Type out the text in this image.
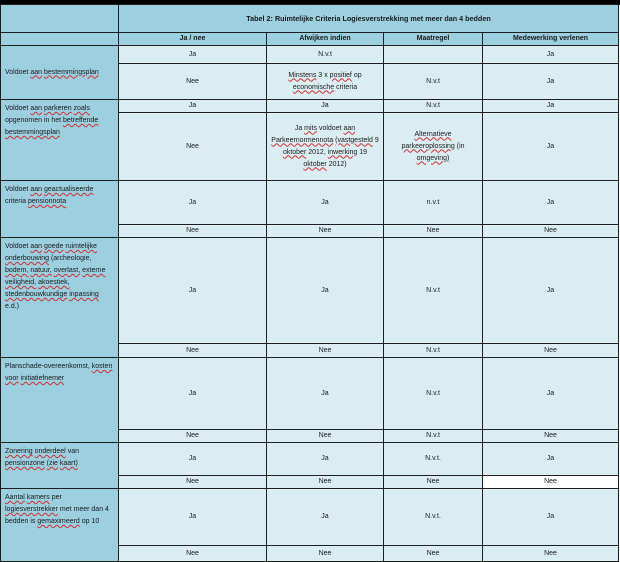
	Tabel 2: Ruimtelijke Criteria Logiesverstrekking met meer dan 4 bedden			
	Ja / nee	Afwijken indien	Maatregel	Medewerking verlenen
Voldoet aan bestemmingsplan	Ja	N.v.t		Ja
	Nee	Minstens 3 x positief op economische criteria	N.v.t	Ja
Voldoet aan parkeren zoals opgenomen in het betreffende bestemmingsplan	Ja	Ja	N.v.t	Ja
	Nee	Ja mits voldoet aan Parkeernormennota (vastgesteld 9 oktober 2012, inwerking 19 oktober 2012)	Alternatieve parkeeroplossing (in omgeving)	Ja
Voldoet aan geactualiseerde criteria pensionnota	Ja	Ja	n.v.t	Ja
	Nee	Nee	Nee	Nee
Voldoet aan goede ruimtelijke onderbouwing (archeologie, bodem, natuur, overlast, externe veiligheid, akoestiek, stedenbouwkundige inpassing e.d.)	Ja	Ja	N.v.t	Ja
	Nee	Nee	N.v.t	Nee
Planschade-overeenkomst, kosten voor initiatiefnemer	Ja	Ja	N.v.t	Ja
	Nee	Nee	N.v.t	Nee
Zonering onderdeel van pensionzone (zie kaart)	Ja	Ja	N.v.t.	Ja
	Nee	Nee	Nee	Nee
Aantal kamers per logiesverstrekker met meer dan 4 bedden is gemaximeerd op 10	Ja	Ja	N.v.t.	Ja
	Nee	Nee	Nee	Nee
